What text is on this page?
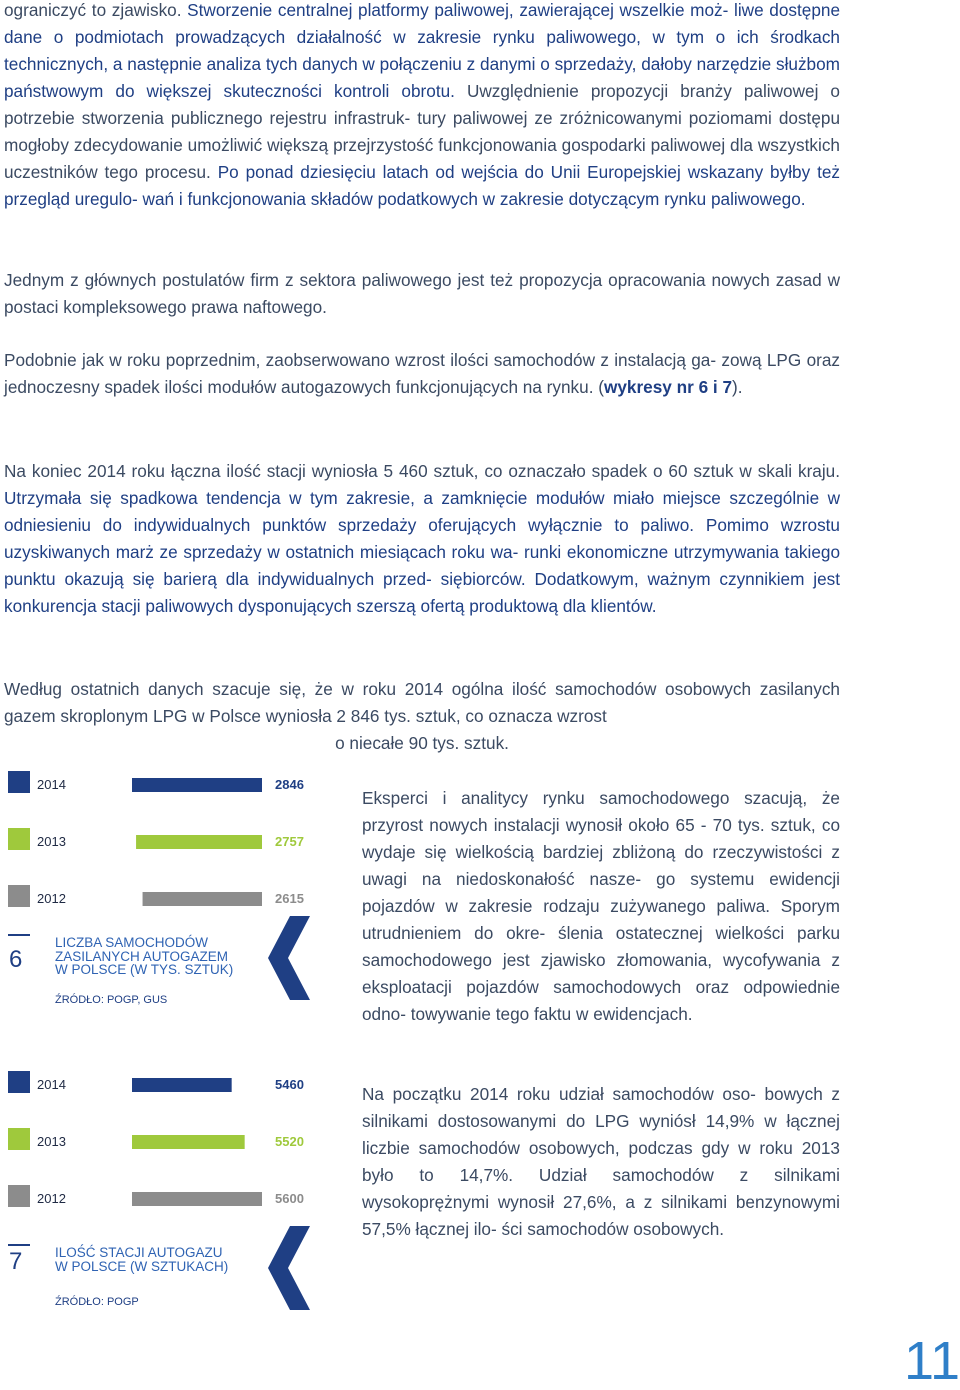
ograniczyć to zjawisko. Stworzenie centralnej platformy paliwowej, zawierającej wszelkie moż- liwe dostępne dane o podmiotach prowadzących działalność w zakresie rynku paliwowego, w tym o ich środkach technicznych, a następnie analiza tych danych w połączeniu z danymi o sprzedaży, dałoby narzędzie służbom państwowym do większej skuteczności kontroli obrotu. Uwzględnienie propozycji branży paliwowej o potrzebie stworzenia publicznego rejestru infrastruk- tury paliwowej ze zróżnicowanymi poziomami dostępu mogłoby zdecydowanie umożliwić większą przejrzystość funkcjonowania gospodarki paliwowej dla wszystkich uczestników tego procesu. Po ponad dziesięciu latach od wejścia do Unii Europejskiej wskazany byłby też przegląd uregulo- wań i funkcjonowania składów podatkowych w zakresie dotyczącym rynku paliwowego.
Jednym z głównych postulatów firm z sektora paliwowego jest też propozycja opracowania nowych zasad w postaci kompleksowego prawa naftowego.
Podobnie jak w roku poprzednim, zaobserwowano wzrost ilości samochodów z instalacją ga- zową LPG oraz jednoczesny spadek ilości modułów autogazowych funkcjonujących na rynku. (wykresy nr 6 i 7).
Na koniec 2014 roku łączna ilość stacji wyniosła 5 460 sztuk, co oznaczało spadek o 60 sztuk w skali kraju. Utrzymała się spadkowa tendencja w tym zakresie, a zamknięcie modułów miało miejsce szczególnie w odniesieniu do indywidualnych punktów sprzedaży oferujących wyłącznie to paliwo. Pomimo wzrostu uzyskiwanych marż ze sprzedaży w ostatnich miesiącach roku wa- runki ekonomiczne utrzymywania takiego punktu okazują się barierą dla indywidualnych przed- siębiorców. Dodatkowym, ważnym czynnikiem jest konkurencja stacji paliwowych dysponujących szerszą ofertą produktową dla klientów.
Według ostatnich danych szacuje się, że w roku 2014 ogólna ilość samochodów osobowych zasilanych gazem skroplonym LPG w Polsce wyniosła 2 846 tys. sztuk, co oznacza wzrost
o niecałe 90 tys. sztuk.
2014	2846
2013	2757
2012	2615
6
LICZBA SAMOCHODÓW
ZASILANYCH AUTOGAZEM
W POLSCE (W TYS. SZTUK)
ŹRÓDŁO: POGP, GUS
2014	5460
2013	5520
2012	5600
7 ILOŚĆ STACJI AUTOGAZU
W POLSCE (W SZTUKACH)
ŹRÓDŁO: POGP
Eksperci i analitycy rynku samochodowego szacują, że przyrost nowych instalacji wynosił około 65 - 70 tys. sztuk, co wydaje się wielkością bardziej zbliżoną do rzeczywistości z uwagi na niedoskonałość nasze- go systemu ewidencji pojazdów w zakresie rodzaju zużywanego paliwa. Sporym utrudnieniem do okre- ślenia ostatecznej wielkości parku samochodowego jest zjawisko złomowania, wycofywania z eksploatacji pojazdów samochodowych oraz odpowiednie odno- towywanie tego faktu w ewidencjach.
Na początku 2014 roku udział samochodów oso- bowych z silnikami dostosowanymi do LPG wyniósł 14,9% w łącznej liczbie samochodów osobowych, podczas gdy w roku 2013 było to 14,7%. Udział samochodów z silnikami wysokoprężnymi wynosił 27,6%, a z silnikami benzynowymi 57,5% łącznej ilo- ści samochodów osobowych.
11
